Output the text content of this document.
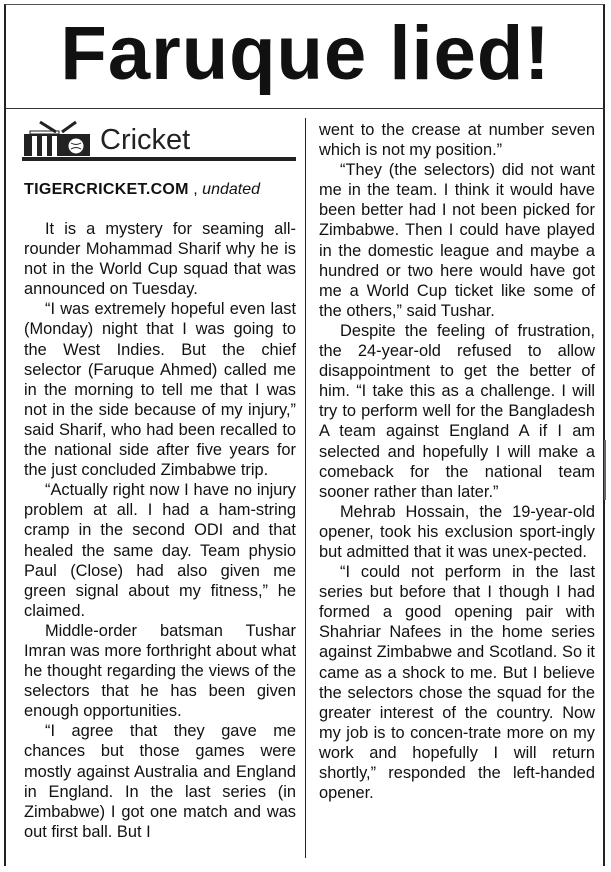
Faruque lied!
Cricket
TIGERCRICKET.COM , undated

It is a mystery for seaming all-rounder Mohammad Sharif why he is not in the World Cup squad that was announced on Tuesday.

“I was extremely hopeful even last (Monday) night that I was going to the West Indies. But the chief selector (Faruque Ahmed) called me in the morning to tell me that I was not in the side because of my injury,” said Sharif, who had been recalled to the national side after five years for the just concluded Zimbabwe trip.

“Actually right now I have no injury problem at all. I had a ham-string cramp in the second ODI and that healed the same day. Team physio Paul (Close) had also given me green signal about my fitness,” he claimed.

Middle-order batsman Tushar Imran was more forthright about what he thought regarding the views of the selectors that he has been given enough opportunities.

“I agree that they gave me chances but those games were mostly against Australia and England in England. In the last series (in Zimbabwe) I got one match and was out first ball. But I

went to the crease at number seven which is not my position.”

“They (the selectors) did not want me in the team. I think it would have been better had I not been picked for Zimbabwe. Then I could have played in the domestic league and maybe a hundred or two here would have got me a World Cup ticket like some of the others,” said Tushar.

Despite the feeling of frustration, the 24-year-old refused to allow disappointment to get the better of him. “I take this as a challenge. I will try to perform well for the Bangladesh A team against England A if I am selected and hopefully I will make a comeback for the national team sooner rather than later.”

Mehrab Hossain, the 19-year-old opener, took his exclusion sport-ingly but admitted that it was unex-pected.

“I could not perform in the last series but before that I though I had formed a good opening pair with Shahriar Nafees in the home series against Zimbabwe and Scotland. So it came as a shock to me. But I believe the selectors chose the squad for the greater interest of the country. Now my job is to concen-trate more on my work and hopefully I will return shortly,” responded the left-handed opener.
